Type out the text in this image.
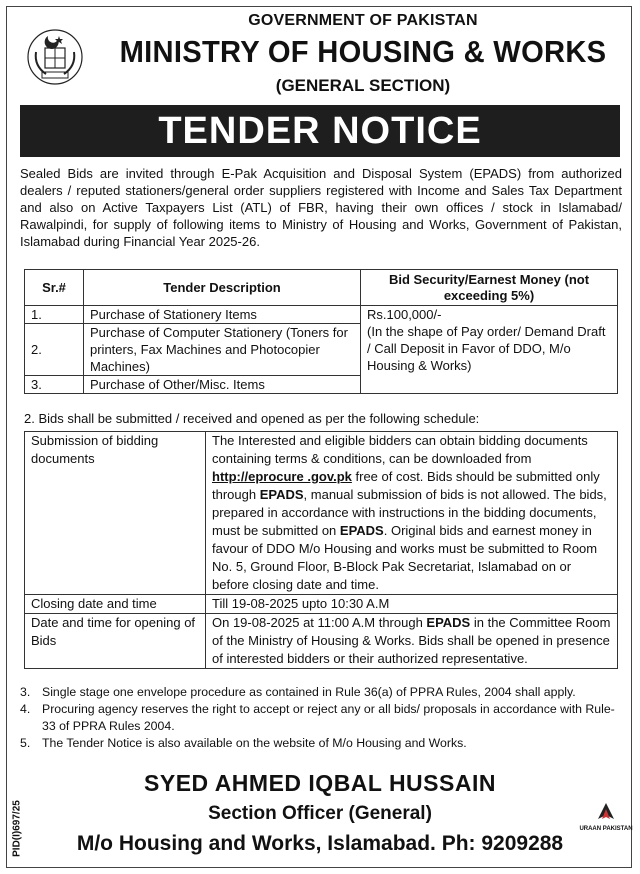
GOVERNMENT OF PAKISTAN
MINISTRY OF HOUSING & WORKS
(GENERAL SECTION)
TENDER NOTICE
Sealed Bids are invited through E-Pak Acquisition and Disposal System (EPADS) from authorized dealers / reputed stationers/general order suppliers registered with Income and Sales Tax Department and also on Active Taxpayers List (ATL) of FBR, having their own offices / stock in Islamabad/ Rawalpindi, for supply of following items to Ministry of Housing and Works, Government of Pakistan, Islamabad during Financial Year 2025-26.
Sr.#	Tender Description	Bid Security/Earnest Money (not exceeding 5%)
1.	Purchase of Stationery Items	Rs.100,000/-
(In the shape of Pay order/ Demand Draft / Call Deposit in Favor of DDO, M/o Housing & Works)

2.	Purchase of Computer Stationery (Toners for printers, Fax Machines and Photocopier Machines)	
3.	Purchase of Other/Misc. Items	
2. Bids shall be submitted / received and opened as per the following schedule:
Submission of bidding documents	The Interested and eligible bidders can obtain bidding documents containing terms & conditions, can be downloaded from http://eprocure .gov.pk free of cost. Bids should be submitted only through EPADS, manual submission of bids is not allowed. The bids, prepared in accordance with instructions in the bidding documents, must be submitted on EPADS. Original bids and earnest money in favour of DDO M/o Housing and works must be submitted to Room No. 5, Ground Floor, B-Block Pak Secretariat, Islamabad on or before closing date and time.
Closing date and time	Till 19-08-2025 upto 10:30 A.M
Date and time for opening of Bids	On 19-08-2025 at 11:00 A.M through EPADS in the Committee Room of the Ministry of Housing & Works. Bids shall be opened in presence of interested bidders or their authorized representative.
3. Single stage one envelope procedure as contained in Rule 36(a) of PPRA Rules, 2004 shall apply.
4. Procuring agency reserves the right to accept or reject any or all bids/ proposals in accordance with Rule- 33 of PPRA Rules 2004.
5. The Tender Notice is also available on the website of M/o Housing and Works.
SYED AHMED IQBAL HUSSAIN
Section Officer (General)
M/o Housing and Works, Islamabad. Ph: 9209288
PID(I)697/25	URAAN PAKISTAN
